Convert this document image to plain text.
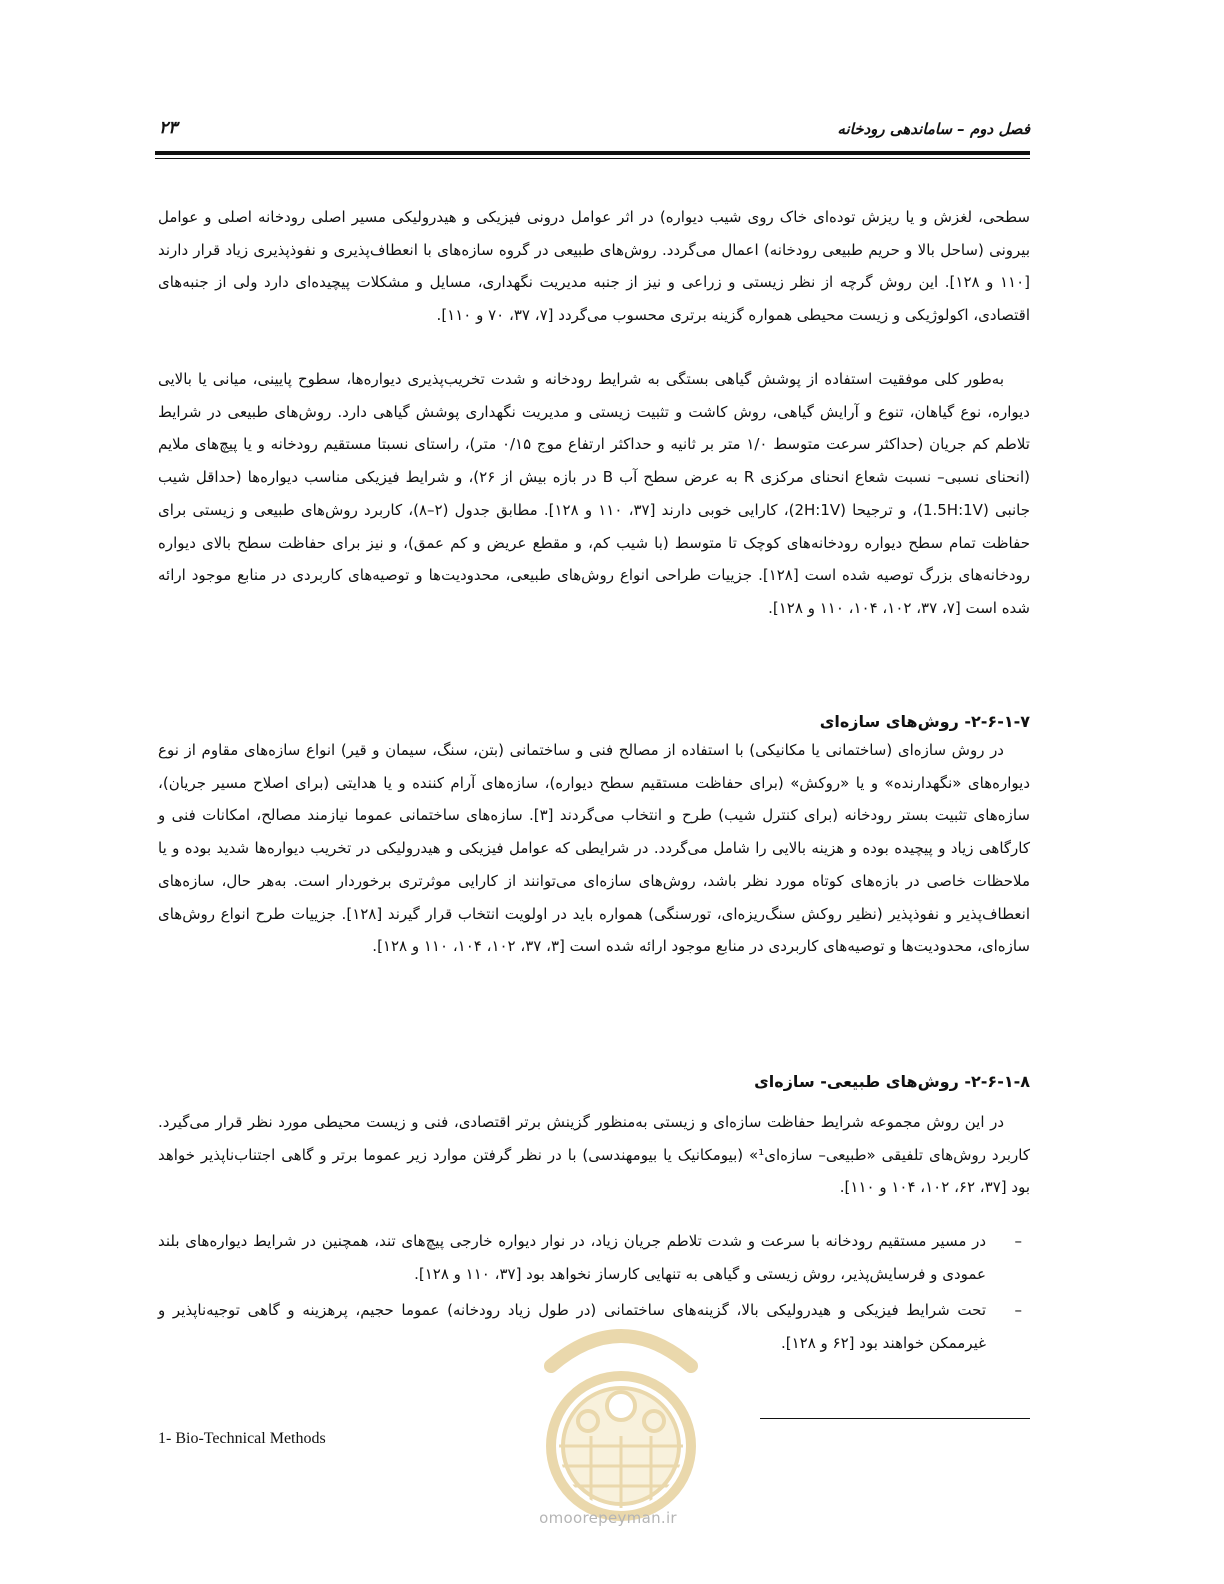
فصل دوم – ساماندهی رودخانه
۲۳

سطحی، لغزش و یا ریزش توده‌ای خاک روی شیب دیواره) در اثر عوامل درونی فیزیکی و هیدرولیکی مسیر اصلی رودخانه اصلی و عوامل بیرونی (ساحل بالا و حریم طبیعی رودخانه) اعمال می‌گردد. روش‌های طبیعی در گروه سازه‌های با انعطاف‌پذیری و نفوذپذیری زیاد قرار دارند [۱۱۰ و ۱۲۸]. این روش گرچه از نظر زیستی و زراعی و نیز از جنبه مدیریت نگهداری، مسایل و مشکلات پیچیده‌ای دارد ولی از جنبه‌های اقتصادی، اکولوژیکی و زیست محیطی همواره گزینه برتری محسوب می‌گردد [۷، ۳۷، ۷۰ و ۱۱۰].

به‌طور کلی موفقیت استفاده از پوشش گیاهی بستگی به شرایط رودخانه و شدت تخریب‌پذیری دیواره‌ها، سطوح پایینی، میانی یا بالایی دیواره، نوع گیاهان، تنوع و آرایش گیاهی، روش کاشت و تثبیت زیستی و مدیریت نگهداری پوشش گیاهی دارد. روش‌های طبیعی در شرایط تلاطم کم جریان (حداکثر سرعت متوسط ۱/۰ متر بر ثانیه و حداکثر ارتفاع موج ۰/۱۵ متر)، راستای نسبتا مستقیم رودخانه و یا پیچ‌های ملایم (انحنای نسبی– نسبت شعاع انحنای مرکزی R به عرض سطح آب B در بازه بیش از ۲۶)، و شرایط فیزیکی مناسب دیواره‌ها (حداقل شیب جانبی (1.5H:1V)، و ترجیحا (2H:1V)، کارایی خوبی دارند [۳۷، ۱۱۰ و ۱۲۸]. مطابق جدول (۲–۸)، کاربرد روش‌های طبیعی و زیستی برای حفاظت تمام سطح دیواره رودخانه‌های کوچک تا متوسط (با شیب کم، و مقطع عریض و کم عمق)، و نیز برای حفاظت سطح بالای دیواره رودخانه‌های بزرگ توصیه شده است [۱۲۸]. جزییات طراحی انواع روش‌های طبیعی، محدودیت‌ها و توصیه‌های کاربردی در منابع موجود ارائه شده است [۷، ۳۷، ۱۰۲، ۱۰۴، ۱۱۰ و ۱۲۸].

۲-۶-۱-۷- روش‌های سازه‌ای

در روش سازه‌ای (ساختمانی یا مکانیکی) با استفاده از مصالح فنی و ساختمانی (بتن، سنگ، سیمان و قیر) انواع سازه‌های مقاوم از نوع دیواره‌های «نگهدارنده» و یا «روکش» (برای حفاظت مستقیم سطح دیواره)، سازه‌های آرام کننده و یا هدایتی (برای اصلاح مسیر جریان)، سازه‌های تثبیت بستر رودخانه (برای کنترل شیب) طرح و انتخاب می‌گردند [۳]. سازه‌های ساختمانی عموما نیازمند مصالح، امکانات فنی و کارگاهی زیاد و پیچیده بوده و هزینه بالایی را شامل می‌گردد. در شرایطی که عوامل فیزیکی و هیدرولیکی در تخریب دیواره‌ها شدید بوده و یا ملاحظات خاصی در بازه‌های کوتاه مورد نظر باشد، روش‌های سازه‌ای می‌توانند از کارایی موثرتری برخوردار است. به‌هر حال، سازه‌های انعطاف‌پذیر و نفوذپذیر (نظیر روکش سنگ‌ریزه‌ای، تورسنگی) همواره باید در اولویت انتخاب قرار گیرند [۱۲۸]. جزییات طرح انواع روش‌های سازه‌ای، محدودیت‌ها و توصیه‌های کاربردی در منابع موجود ارائه شده است [۳، ۳۷، ۱۰۲، ۱۰۴، ۱۱۰ و ۱۲۸].

۲-۶-۱-۸- روش‌های طبیعی- سازه‌ای

در این روش مجموعه شرایط حفاظت سازه‌ای و زیستی به‌منظور گزینش برتر اقتصادی، فنی و زیست محیطی مورد نظر قرار می‌گیرد. کاربرد روش‌های تلفیقی «طبیعی– سازه‌ای¹» (بیومکانیک یا بیومهندسی) با در نظر گرفتن موارد زیر عموما برتر و گاهی اجتناب‌ناپذیر خواهد بود [۳۷، ۶۲، ۱۰۲، ۱۰۴ و ۱۱۰].

–
در مسیر مستقیم رودخانه با سرعت و شدت تلاطم جریان زیاد، در نوار دیواره خارجی پیچ‌های تند، همچنین در شرایط دیواره‌های بلند عمودی و فرسایش‌پذیر، روش زیستی و گیاهی به تنهایی کارساز نخواهد بود [۳۷، ۱۱۰ و ۱۲۸].
–
تحت شرایط فیزیکی و هیدرولیکی بالا، گزینه‌های ساختمانی (در طول زیاد رودخانه) عموما حجیم، پرهزینه و گاهی توجیه‌ناپذیر و غیرممکن خواهند بود [۶۲ و ۱۲۸].
omoorepeyman.ir
1- Bio-Technical Methods
